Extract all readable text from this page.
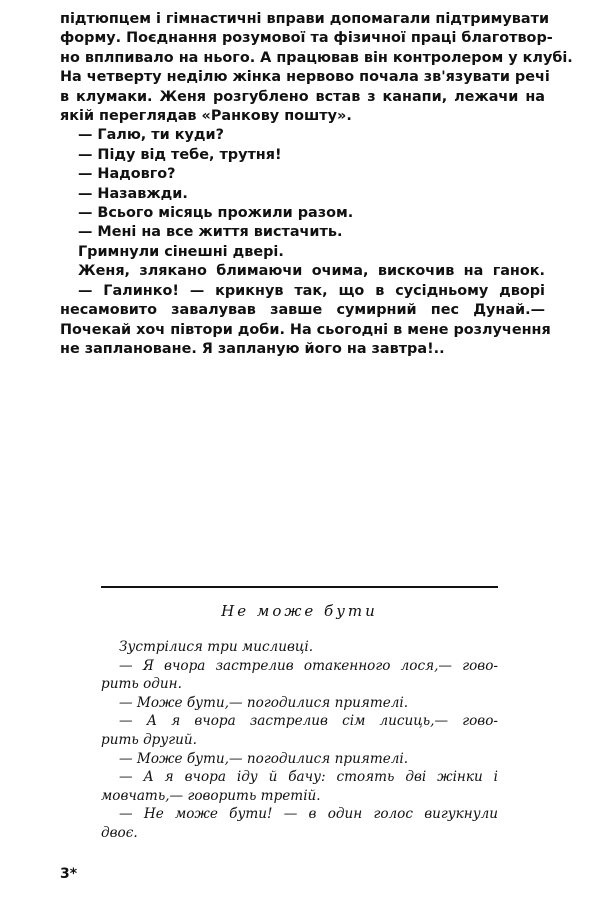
підтюпцем і гімнастичні вправи допомагали підтримувати
форму. Поєднання розумової та фізичної праці благотвор-
но вплпивало на нього. А працював він контролером у клубі.
На четверту неділю жінка нервово почала зв'язувати речі
в клумаки. Женя розгублено встав з канапи, лежачи на
якій переглядав «Ранкову пошту».
— Галю, ти куди?
— Піду від тебе, трутня!
— Надовго?
— Назавжди.
— Всього місяць прожили разом.
— Мені на все життя вистачить.
Гримнули сінешні двері.
Женя, злякано блимаючи очима, вискочив на ганок.
— Галинко! — крикнув так, що в сусідньому дворі
несамовито завалував завше сумирний пес Дунай.—
Почекай хоч півтори доби. На сьогодні в мене розлучення
не заплановане. Я запланую його на завтра!..
Не може бути
Зустрілися три мисливці.
— Я вчора застрелив отакенного лося,— гово-
рить один.
— Може бути,— погодилися приятелі.
— А я вчора застрелив сім лисиць,— гово-
рить другий.
— Може бути,— погодилися приятелі.
— А я вчора іду й бачу: стоять дві жінки і
мовчать,— говорить третій.
— Не може бути! — в один голос вигукнули
двоє.
3*
